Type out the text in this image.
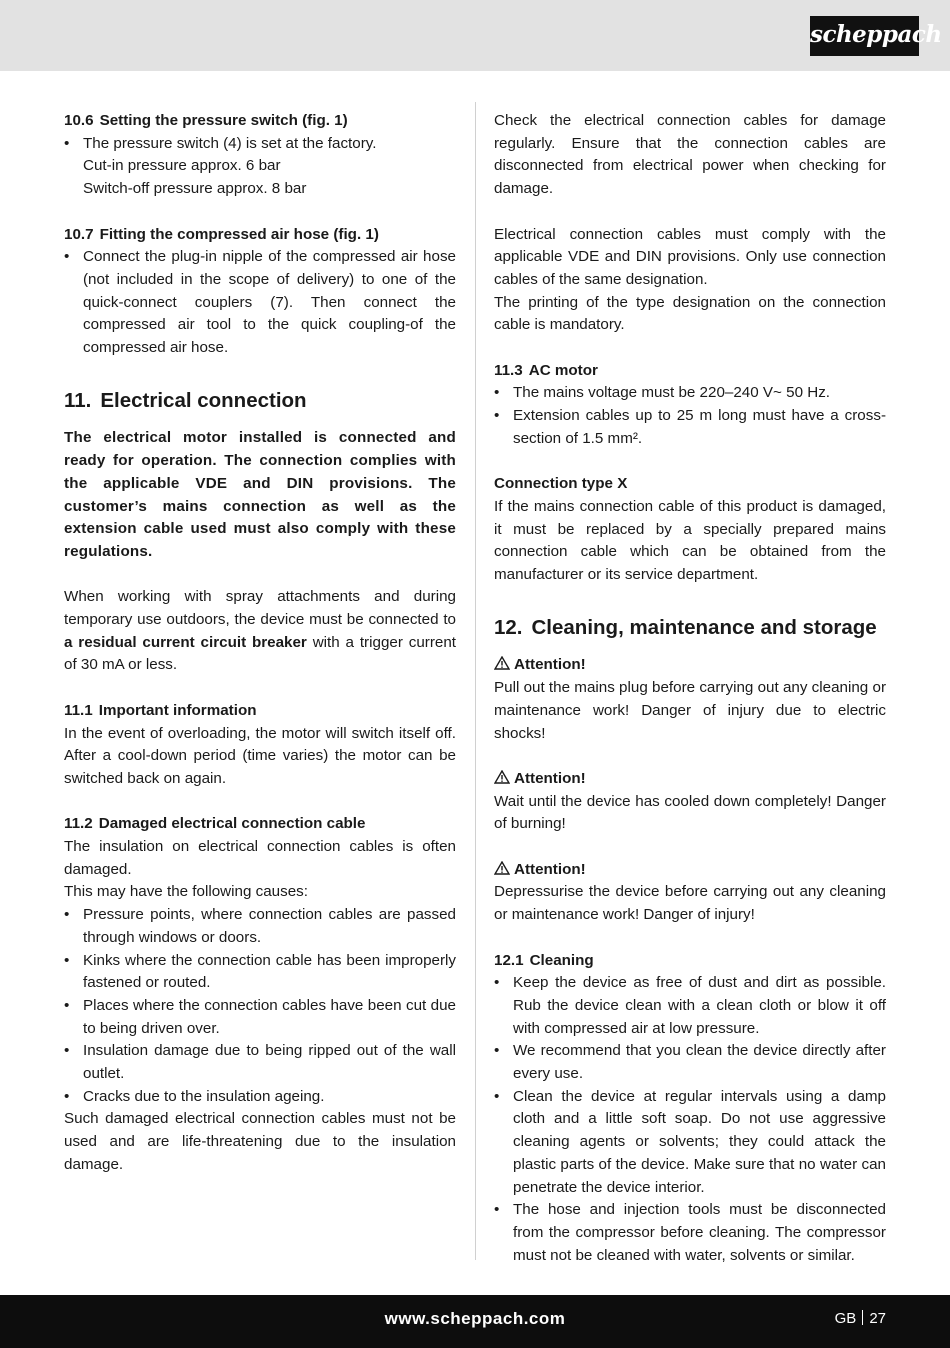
scheppach
10.6 Setting the pressure switch (fig. 1)
• The pressure switch (4) is set at the factory.
Cut-in pressure approx. 6 bar
Switch-off pressure approx. 8 bar
10.7 Fitting the compressed air hose (fig. 1)
• Connect the plug-in nipple of the compressed air hose (not included in the scope of delivery) to one of the quick-connect couplers (7). Then connect the compressed air tool to the quick coupling-of the compressed air hose.
11. Electrical connection

The electrical motor installed is connected and ready for operation. The connection complies with the applicable VDE and DIN provisions. The customer’s mains connection as well as the extension cable used must also comply with these regulations.

When working with spray attachments and during temporary use outdoors, the device must be connected to a residual current circuit breaker with a trigger current of 30 mA or less.

11.1 Important information

In the event of overloading, the motor will switch itself off. After a cool-down period (time varies) the motor can be switched back on again.

11.2 Damaged electrical connection cable

The insulation on electrical connection cables is often damaged.

This may have the following causes:

• Pressure points, where connection cables are passed through windows or doors.
• Kinks where the connection cable has been improperly fastened or routed.
• Places where the connection cables have been cut due to being driven over.
• Insulation damage due to being ripped out of the wall outlet.
• Cracks due to the insulation ageing.

Such damaged electrical connection cables must not be used and are life-threatening due to the insulation damage.

Check the electrical connection cables for damage regularly. Ensure that the connection cables are disconnected from electrical power when checking for damage.

Electrical connection cables must comply with the applicable VDE and DIN provisions. Only use connection cables of the same designation.

The printing of the type designation on the connection cable is mandatory.

11.3 AC motor
• The mains voltage must be 220–240 V~ 50 Hz.
• Extension cables up to 25 m long must have a cross-section of 1.5 mm².
Connection type X

If the mains connection cable of this product is damaged, it must be replaced by a specially prepared mains connection cable which can be obtained from the manufacturer or its service department.

12. Cleaning, maintenance and storage
Attention!

Pull out the mains plug before carrying out any cleaning or maintenance work! Danger of injury due to electric shocks!

Attention!

Wait until the device has cooled down completely! Danger of burning!

Attention!

Depressurise the device before carrying out any cleaning or maintenance work! Danger of injury!

12.1 Cleaning
• Keep the device as free of dust and dirt as possible. Rub the device clean with a clean cloth or blow it off with compressed air at low pressure.
• We recommend that you clean the device directly after every use.
• Clean the device at regular intervals using a damp cloth and a little soft soap. Do not use aggressive cleaning agents or solvents; they could attack the plastic parts of the device. Make sure that no water can penetrate the device interior.
• The hose and injection tools must be disconnected from the compressor before cleaning. The compressor must not be cleaned with water, solvents or similar.
www.scheppach.com	GB 27
